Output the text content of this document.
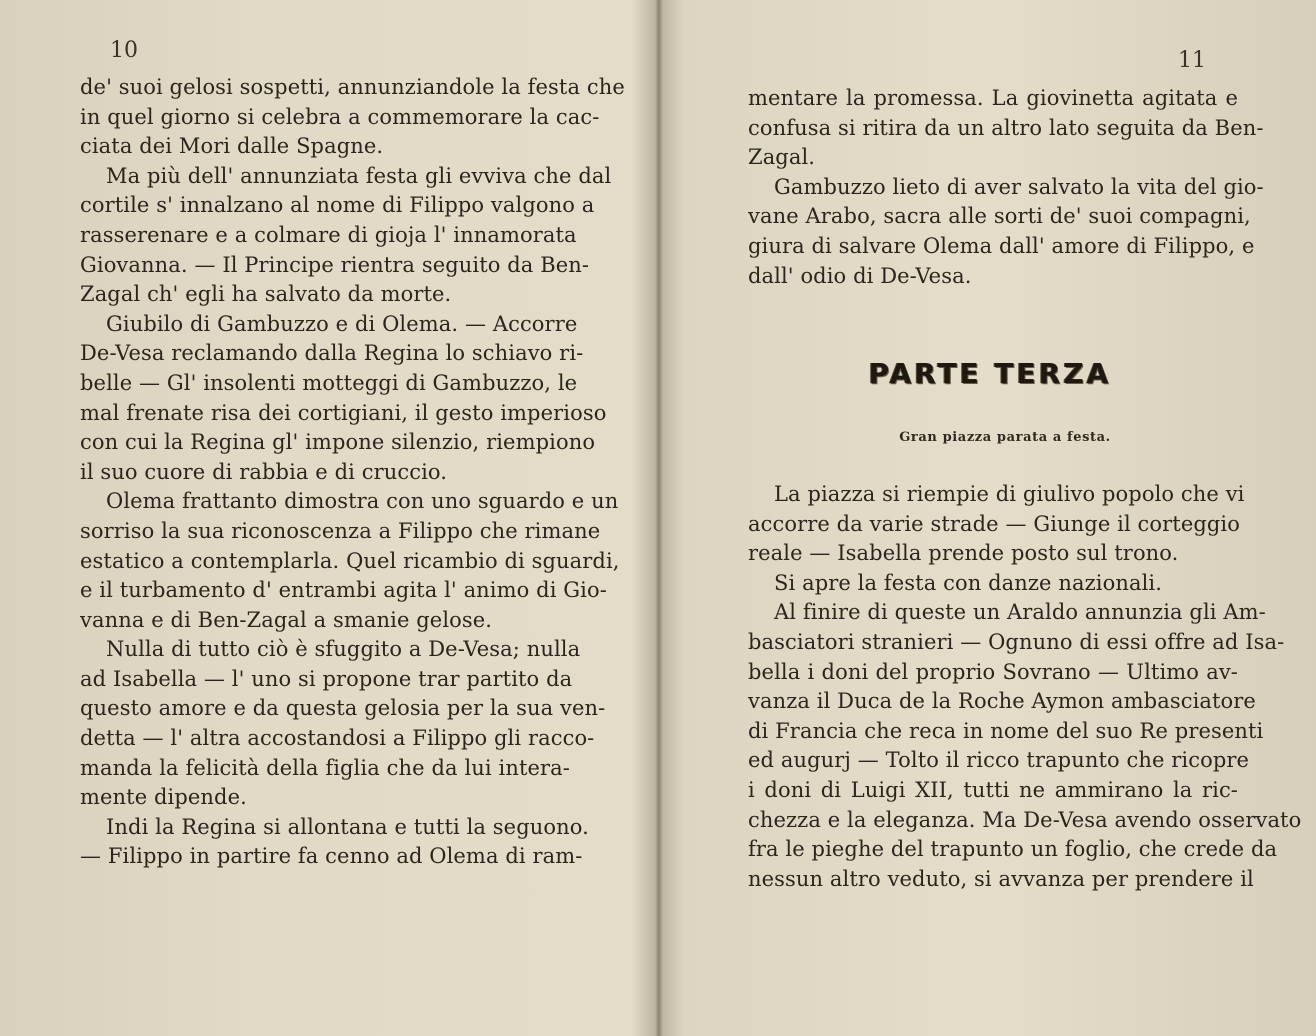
10	11
de' suoi gelosi sospetti, annunziandole la festa che
in quel giorno si celebra a commemorare la cac-
ciata dei Mori dalle Spagne.
Ma più dell' annunziata festa gli evviva che dal
cortile s' innalzano al nome di Filippo valgono a
rasserenare e a colmare di gioja l' innamorata
Giovanna. — Il Principe rientra seguito da Ben-
Zagal ch' egli ha salvato da morte.
Giubilo di Gambuzzo e di Olema. — Accorre
De-Vesa reclamando dalla Regina lo schiavo ri-
belle — Gl' insolenti motteggi di Gambuzzo, le
mal frenate risa dei cortigiani, il gesto imperioso
con cui la Regina gl' impone silenzio, riempiono
il suo cuore di rabbia e di cruccio.
Olema frattanto dimostra con uno sguardo e un
sorriso la sua riconoscenza a Filippo che rimane
estatico a contemplarla. Quel ricambio di sguardi,
e il turbamento d' entrambi agita l' animo di Gio-
vanna e di Ben-Zagal a smanie gelose.
Nulla di tutto ciò è sfuggito a De-Vesa; nulla
ad Isabella — l' uno si propone trar partito da
questo amore e da questa gelosia per la sua ven-
detta — l' altra accostandosi a Filippo gli racco-
manda la felicità della figlia che da lui intera-
mente dipende.
Indi la Regina si allontana e tutti la seguono.
— Filippo in partire fa cenno ad Olema di ram-
mentare la promessa. La giovinetta agitata e
confusa si ritira da un altro lato seguita da Ben-
Zagal.
Gambuzzo lieto di aver salvato la vita del gio-
vane Arabo, sacra alle sorti de' suoi compagni,
giura di salvare Olema dall' amore di Filippo, e
dall' odio di De-Vesa.
PARTE TERZA
Gran piazza parata a festa.
La piazza si riempie di giulivo popolo che vi
accorre da varie strade — Giunge il corteggio
reale — Isabella prende posto sul trono.
Si apre la festa con danze nazionali.
Al finire di queste un Araldo annunzia gli Am-
basciatori stranieri — Ognuno di essi offre ad Isa-
bella i doni del proprio Sovrano — Ultimo av-
vanza il Duca de la Roche Aymon ambasciatore
di Francia che reca in nome del suo Re presenti
ed augurj — Tolto il ricco trapunto che ricopre
i doni di Luigi XII, tutti ne ammirano la ric-
chezza e la eleganza. Ma De-Vesa avendo osservato
fra le pieghe del trapunto un foglio, che crede da
nessun altro veduto, si avvanza per prendere il
